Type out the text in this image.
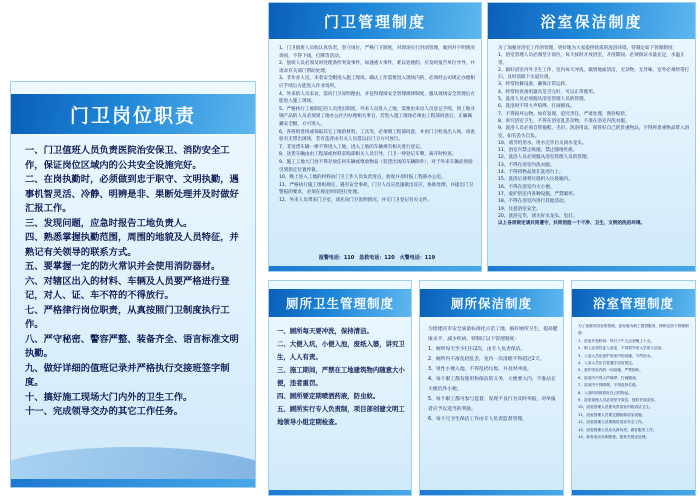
门卫岗位职责
一、门卫值班人员负责医院治安保卫、消防安全工作，保证岗位区域内的公共安全设施完好。
二、在岗执勤时，必须做到忠于职守、文明执勤，遇事机智灵活、冷静、明辨是非、果断处理并及时做好汇报工作。
三、发现问题，应急时报告工地负责人。
四、熟悉掌握执勤范围，周围的地貌及人员特征，并熟记有关领导的联系方式。
五、要掌握一定的防火常识并会使用消防器材。
六、对辖区出入的材料、车辆及人员要严格进行登记，对人、证、车不符的不得放行。
七、严格律行岗位职责，从真按照门卫制度执行工作。
八、严守秘密、警容严整、装备齐全、语言标准文明执勤。
九、做好详细的值班记录并严格执行交接班签字制度。
十、搞好施工现场大门内外的卫生工作。
十一、完成领导交办的其它工作任务。
门卫管理制度
1、门卫值班人员收认真负责，坚守岗位，严格门卫制度，对现场实行封闭管理，做到对不明情况询问，不得下线，打牌等活动。
2、值班人员必须及时处理条形突发事件，如遇重大事件，难以处理的，应及时报告单位导导，并请求有关部门帮助处理。
3、非作业人员，未着安全帽进入施工现场，确认工作需要进入现场内的，必须经公司规定办理相应手续后方能进入作业场所。
4、外来的人员来访，需向门卫说明理由，并征得现场安全管理规律制度，服从现场安全管理后方能进入施工现场。
5、严格执行工地制定的人员进出制度，外来人员进入工地，需要由来访人员登记手续，到工地寻钢产品的人员必须到工地办公区内办理相关事宜，若进入施工现场必须由工程部同意后，正确佩戴安全帽，方可进入。
6、各班组进场或领取其它工地的材料，工具等，必须填工程部同意，并由门卫检查出入场，请查验有无带出现场，若有违背由有关人员借以后门卫方可放行。
7、非送货车辆一律不得进入工地，进入工地的车辆须有相关进行登记。
8、送货车辆由由工程部或材料采购部相关人员引导，门卫一律登记车牌，离开时检查。
9、施工工地大门处不得存放任何车辆或堆放物品（装货出场的车辆除外），对于外来车辆必须指引到指定位置停靠。
10、晚上进入工地的材料由门卫工作人员负责清点，验收并及时报工程部办公室。
11、严格执行施工组织规定，遇有安全事故，门卫人员应迅速做出反应，协助处理，并提出门卫警报的要求，必须在规定时间进行处理。
12、外来人员带来门卫室，请先向门卫说明情况，并交门卫登记有关文件。
报警电话：110　急救电话：120　火警电话：119
浴室保洁制度
为了加强对浴室工作的管理，更好地为大家提供优质的洗浴环境，特制定如下管理制度：
1、浴室管理人员必须坚守岗位，每天按时开放浴室，开浴期间，必须保证水量充足，水温正常。
2、搞好浴室内外卫生工作，室内每天冲洗，做到地面清洁，无杂物、无异味，室外必须经常打扫，及时清除下水道垃圾。
3、经常检修设备，确保正常运转。
4、经常检查备用器具是否完好，可以正常使用。
5、洗浴人员必须服从浴室管理人员的管理。
6、洗浴时不得大声喧哗、打闹嬉戏。
7、不得损坏公物，如有发现，追究责任，严肃处理，照价赔偿。
8、讲究浴室卫生，不得在浴室乱丢杂物，不准在浴室内洗衣服。
9、洗浴人员必须自带拖鞋、毛巾、洗浴用品，保管好自己的贵重物品，不得将贵重物品带入浴室，如有丢失自负。
10、请节约用水，用水完毕后关闭水龙头。
11、浴室内禁止吸烟，禁止随地吐痰。
12、洗浴人员必须服从浴室管理人员的管理。
13、不得在浴室内洗衣服。
14、不得将物品放在洗浴台上。
15、洗浴后请将垃圾扔入垃圾桶内。
16、不得在浴室内大小便。
17、爱护浴室内各种设施，严禁破坏。
18、不得在浴室内进行其他活动。
19、注意浴室安全。
20、洗浴完毕，请关好水龙头、电灯。
以上各项规定请共同遵守，共同创造一个干净、卫生、文明的洗浴环境。
厕所卫生管理制度
一、厕所每天要冲洗，保持清洁。
二、大便入坑，小便入池，废纸入篓，讲究卫生，人人有责。
三、施工期间，严禁在工地建筑物内随意大小便，违者重罚。
四、厕所要定期喷洒药液，防虫蚊。
五、厕所实行专人负责制，项目部创建文明工地领导小组定期检查。
厕所保洁制度
为创建省市安全质量标准化示范工地，搞好厕所卫生，提高健康水平，减少疾病，特制订以下管理制度：
1、厕所每天至少打扫2次，由专人负责保洁。
2、厕所内不准乱扔乱丢，室内一次清理不得超过2天。
3、男性小便入池，不得乱扔垃圾，并及时冲洗。
4、每个职工都有使用和保洁的义务，大便要入内，不准站在大便坑外小便。
5、每个职工都可参与监督，发现不良行为及时举报，对举报者应予以适当的奖励。
6、每个月卫生保洁工作由专人负责监督管理。
浴室管理制度
为了加强对浴室的管理，更好地为职工提供服务，特制定如下管理制度：
1、浴室开放时间：每日下午五点至晚上十点。
2、职工必须凭证入浴室，不得将外来人员带入浴室。
3、入浴人员应爱护浴室内的设施，节约用水。
4、入浴人员应自觉遵守浴室规定。
5、爱护浴室内的一切设施，严禁损坏。
6、浴室内不得大声喧哗，打闹嬉戏。
7、浴室内不得吸烟，不得乱扔垃圾。
8、入浴时请保管好自己的物品。
9、浴室管理人员必须坚守岗位，按时开放浴室。
10、浴室管理人员要负责浴室内的清洁卫生。
11、浴室管理人员要定期检修浴室设施。
12、浴室管理人员要做好浴室安全工作。
13、浴室管理人员应认真负责，做好服务工作。
14、如有违反本制度者，按有关规定处理。
